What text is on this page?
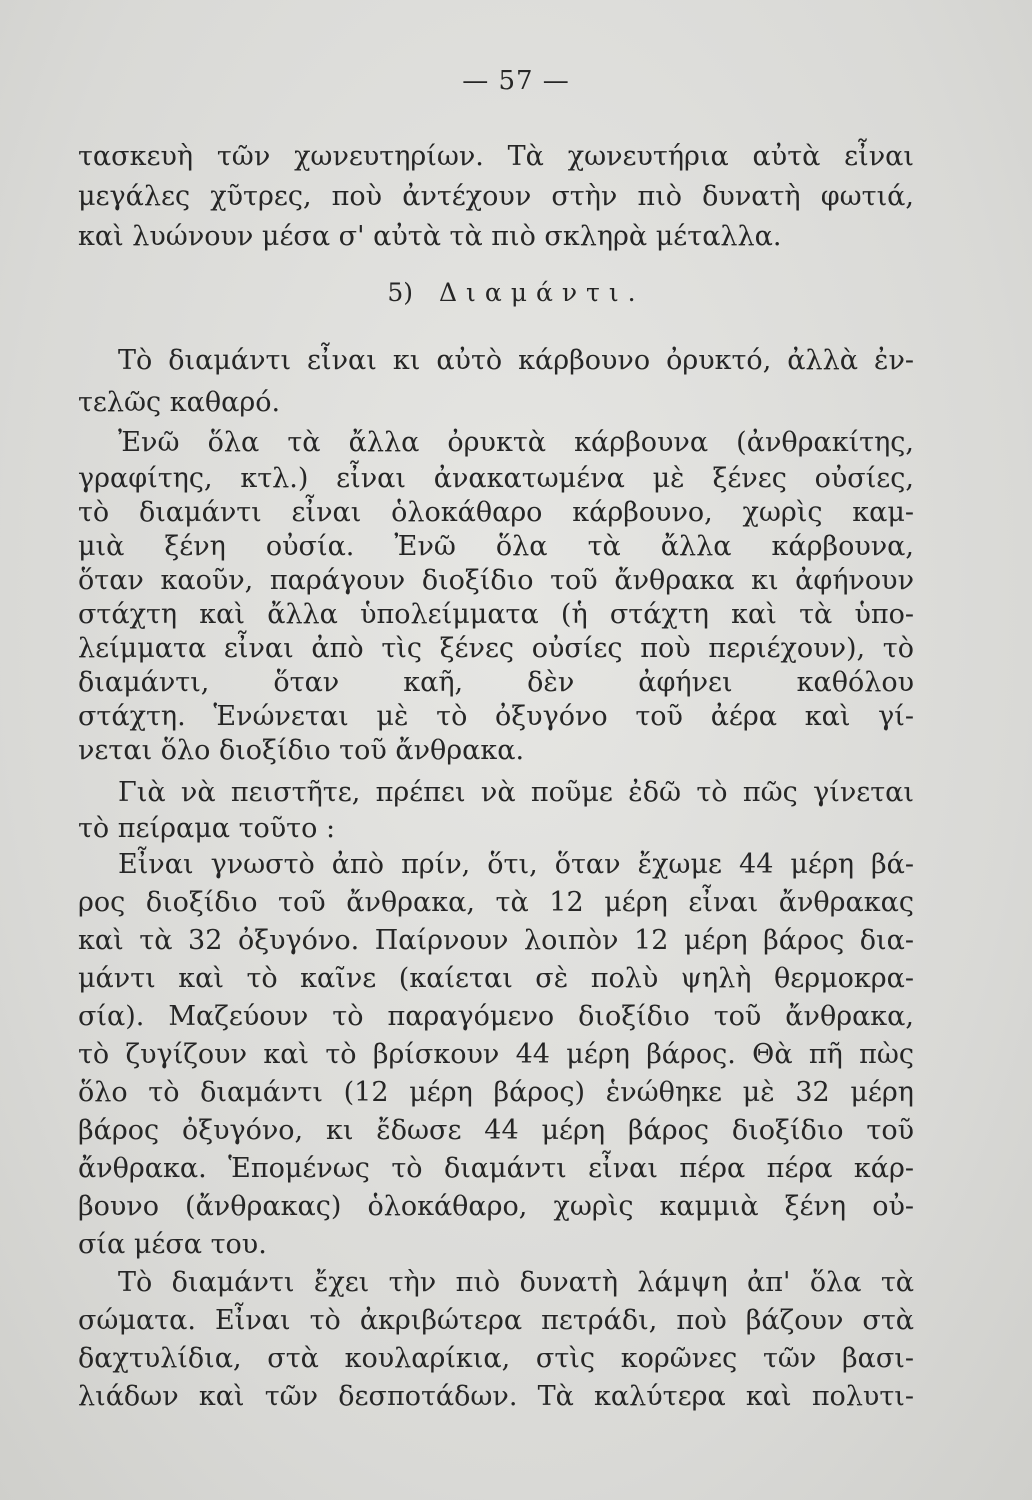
— 57 —
5) Διαμάντι.
τασκευὴ τῶν χωνευτηρίων. Τὰ χωνευτήρια αὐτὰ εἶναι
μεγάλες χῦτρες, ποὺ ἀντέχουν στὴν πιὸ δυνατὴ φωτιά,
καὶ λυώνουν μέσα σ' αὐτὰ τὰ πιὸ σκληρὰ μέταλλα.
Τὸ διαμάντι εἶναι κι αὐτὸ κάρβουνο ὀρυκτό, ἀλλὰ ἐν-
τελῶς καθαρό.
Ἐνῶ ὅλα τὰ ἄλλα ὀρυκτὰ κάρβουνα (ἀνθρακίτης,
γραφίτης, κτλ.) εἶναι ἀνακατωμένα μὲ ξένες οὐσίες,
τὸ διαμάντι εἶναι ὁλοκάθαρο κάρβουνο, χωρὶς καμ-
μιὰ ξένη οὐσία. Ἐνῶ ὅλα τὰ ἄλλα κάρβουνα,
ὅταν καοῦν, παράγουν διοξίδιο τοῦ ἄνθρακα κι ἀφήνουν
στάχτη καὶ ἄλλα ὑπολείμματα (ἡ στάχτη καὶ τὰ ὑπο-
λείμματα εἶναι ἀπὸ τὶς ξένες οὐσίες ποὺ περιέχουν), τὸ
διαμάντι, ὅταν καῆ, δὲν ἀφήνει καθόλου
στάχτη. Ἑνώνεται μὲ τὸ ὀξυγόνο τοῦ ἀέρα καὶ γί-
νεται ὅλο διοξίδιο τοῦ ἄνθρακα.
Γιὰ νὰ πειστῆτε, πρέπει νὰ ποῦμε ἐδῶ τὸ πῶς γίνεται
τὸ πείραμα τοῦτο :
Εἶναι γνωστὸ ἀπὸ πρίν, ὅτι, ὅταν ἔχωμε 44 μέρη βά-
ρος διοξίδιο τοῦ ἄνθρακα, τὰ 12 μέρη εἶναι ἄνθρακας
καὶ τὰ 32 ὀξυγόνο. Παίρνουν λοιπὸν 12 μέρη βάρος δια-
μάντι καὶ τὸ καῖνε (καίεται σὲ πολὺ ψηλὴ θερμοκρα-
σία). Μαζεύουν τὸ παραγόμενο διοξίδιο τοῦ ἄνθρακα,
τὸ ζυγίζουν καὶ τὸ βρίσκουν 44 μέρη βάρος. Θὰ πῆ πὼς
ὅλο τὸ διαμάντι (12 μέρη βάρος) ἑνώθηκε μὲ 32 μέρη
βάρος ὀξυγόνο, κι ἔδωσε 44 μέρη βάρος διοξίδιο τοῦ
ἄνθρακα. Ἑπομένως τὸ διαμάντι εἶναι πέρα πέρα κάρ-
βουνο (ἄνθρακας) ὁλοκάθαρο, χωρὶς καμμιὰ ξένη οὐ-
σία μέσα του.
Τὸ διαμάντι ἔχει τὴν πιὸ δυνατὴ λάμψη ἀπ' ὅλα τὰ
σώματα. Εἶναι τὸ ἀκριβώτερα πετράδι, ποὺ βάζουν στὰ
δαχτυλίδια, στὰ κουλαρίκια, στὶς κορῶνες τῶν βασι-
λιάδων καὶ τῶν δεσποτάδων. Τὰ καλύτερα καὶ πολυτι-
